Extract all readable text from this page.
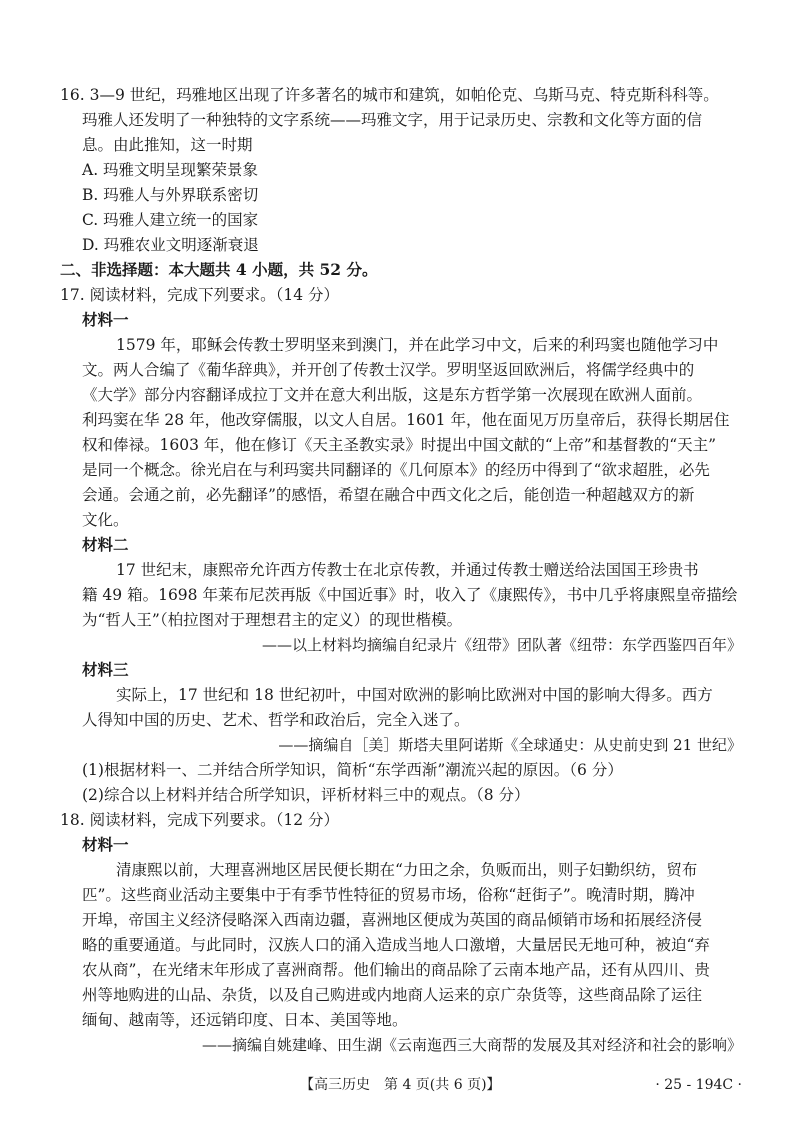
16. 3—9 世纪，玛雅地区出现了许多著名的城市和建筑，如帕伦克、乌斯马克、特克斯科科等。
玛雅人还发明了一种独特的文字系统——玛雅文字，用于记录历史、宗教和文化等方面的信
息。由此推知，这一时期
A. 玛雅文明呈现繁荣景象
B. 玛雅人与外界联系密切
C. 玛雅人建立统一的国家
D. 玛雅农业文明逐渐衰退
二、非选择题：本大题共 4 小题，共 52 分。
17. 阅读材料，完成下列要求。（14 分）
材料一
1579 年，耶稣会传教士罗明坚来到澳门，并在此学习中文，后来的利玛窦也随他学习中
文。两人合编了《葡华辞典》，并开创了传教士汉学。罗明坚返回欧洲后，将儒学经典中的
《大学》部分内容翻译成拉丁文并在意大利出版，这是东方哲学第一次展现在欧洲人面前。
利玛窦在华 28 年，他改穿儒服，以文人自居。1601 年，他在面见万历皇帝后，获得长期居住
权和俸禄。1603 年，他在修订《天主圣教实录》时提出中国文献的“上帝”和基督教的“天主”
是同一个概念。徐光启在与利玛窦共同翻译的《几何原本》的经历中得到了“欲求超胜，必先
会通。会通之前，必先翻译”的感悟，希望在融合中西文化之后，能创造一种超越双方的新
文化。
材料二
17 世纪末，康熙帝允许西方传教士在北京传教，并通过传教士赠送给法国国王珍贵书
籍 49 箱。1698 年莱布尼茨再版《中国近事》时，收入了《康熙传》，书中几乎将康熙皇帝描绘
为“哲人王”（柏拉图对于理想君主的定义）的现世楷模。
——以上材料均摘编自纪录片《纽带》团队著《纽带：东学西鉴四百年》
材料三
实际上，17 世纪和 18 世纪初叶，中国对欧洲的影响比欧洲对中国的影响大得多。西方
人得知中国的历史、艺术、哲学和政治后，完全入迷了。
——摘编自［美］斯塔夫里阿诺斯《全球通史：从史前史到 21 世纪》
(1)根据材料一、二并结合所学知识，简析“东学西渐”潮流兴起的原因。（6 分）
(2)综合以上材料并结合所学知识，评析材料三中的观点。（8 分）
18. 阅读材料，完成下列要求。（12 分）
材料一
清康熙以前，大理喜洲地区居民便长期在“力田之余，负贩而出，则子妇勤织纺，贸布
匹”。这些商业活动主要集中于有季节性特征的贸易市场，俗称“赶街子”。晚清时期，腾冲
开埠，帝国主义经济侵略深入西南边疆，喜洲地区便成为英国的商品倾销市场和拓展经济侵
略的重要通道。与此同时，汉族人口的涌入造成当地人口激增，大量居民无地可种，被迫“弃
农从商”，在光绪末年形成了喜洲商帮。他们输出的商品除了云南本地产品，还有从四川、贵
州等地购进的山品、杂货，以及自己购进或内地商人运来的京广杂货等，这些商品除了运往
缅甸、越南等，还远销印度、日本、美国等地。
——摘编自姚建峰、田生湖《云南迤西三大商帮的发展及其对经济和社会的影响》
【高三历史　第 4 页(共 6 页)】	· 25 - 194C ·
